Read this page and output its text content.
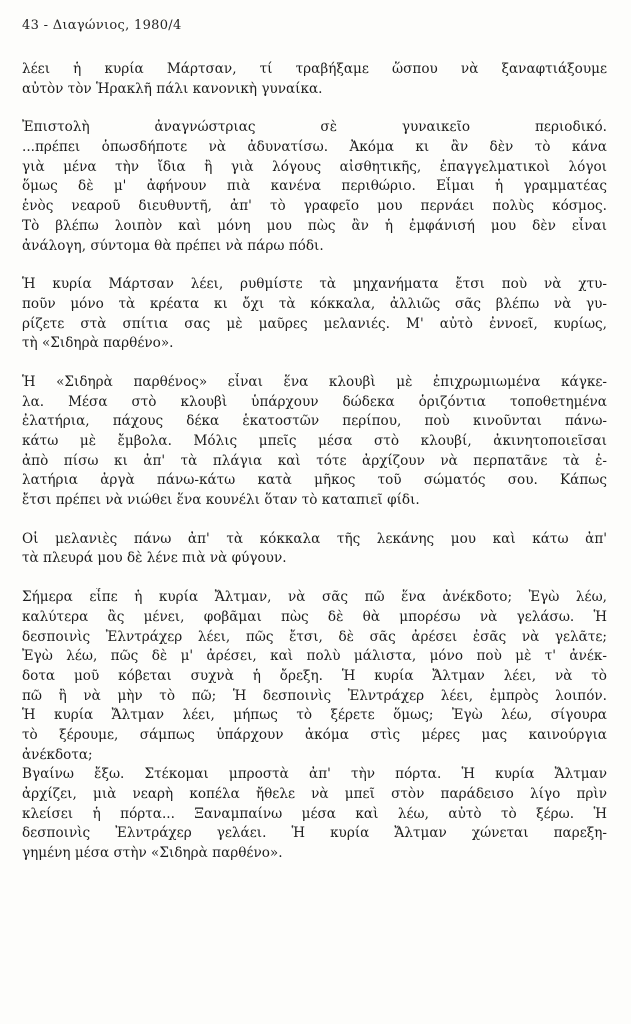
43 - Διαγώνιος, 1980/4
λέει ἡ κυρία Μάρτσαν, τί τραβήξαμε ὥσπου νὰ ξαναφτιάξουμε
αὐτὸν τὸν Ἡρακλῆ πάλι κανονικὴ γυναίκα.
Ἐπιστολὴ ἀναγνώστριας σὲ γυναικεῖο περιοδικό.
...πρέπει ὁπωσδήποτε νὰ ἀδυνατίσω. Ἀκόμα κι ἂν δὲν τὸ κάνα
γιὰ μένα τὴν ἴδια ἢ γιὰ λόγους αἰσθητικῆς, ἐπαγγελματικοὶ λόγοι
ὅμως δὲ μ' ἀφήνουν πιὰ κανένα περιθώριο. Εἶμαι ἡ γραμματέας
ἑνὸς νεαροῦ διευθυντῆ, ἀπ' τὸ γραφεῖο μου περνάει πολὺς κόσμος.
Τὸ βλέπω λοιπὸν καὶ μόνη μου πὼς ἂν ἡ ἐμφάνισή μου δὲν εἶναι
ἀνάλογη, σύντομα θὰ πρέπει νὰ πάρω πόδι.
Ἡ κυρία Μάρτσαν λέει, ρυθμίστε τὰ μηχανήματα ἔτσι ποὺ νὰ χτυ-
ποῦν μόνο τὰ κρέατα κι ὄχι τὰ κόκκαλα, ἀλλιῶς σᾶς βλέπω νὰ γυ-
ρίζετε στὰ σπίτια σας μὲ μαῦρες μελανιές. Μ' αὐτὸ ἐννοεῖ, κυρίως,
τὴ «Σιδηρὰ παρθένο».
Ἡ «Σιδηρὰ παρθένος» εἶναι ἕνα κλουβὶ μὲ ἐπιχρωμιωμένα κάγκε-
λα. Μέσα στὸ κλουβὶ ὑπάρχουν δώδεκα ὁριζόντια τοποθετημένα
ἐλατήρια, πάχους δέκα ἑκατοστῶν περίπου, ποὺ κινοῦνται πάνω-
κάτω μὲ ἔμβολα. Μόλις μπεῖς μέσα στὸ κλουβί, ἀκινητοποιεῖσαι
ἀπὸ πίσω κι ἀπ' τὰ πλάγια καὶ τότε ἀρχίζουν νὰ περπατᾶνε τὰ ἐ-
λατήρια ἀργὰ πάνω-κάτω κατὰ μῆκος τοῦ σώματός σου. Κάπως
ἔτσι πρέπει νὰ νιώθει ἕνα κουνέλι ὅταν τὸ καταπιεῖ φίδι.
Οἱ μελανιὲς πάνω ἀπ' τὰ κόκκαλα τῆς λεκάνης μου καὶ κάτω ἀπ'
τὰ πλευρά μου δὲ λένε πιὰ νὰ φύγουν.
Σήμερα εἶπε ἡ κυρία Ἄλτμαν, νὰ σᾶς πῶ ἕνα ἀνέκδοτο; Ἐγὼ λέω,
καλύτερα ἂς μένει, φοβᾶμαι πὼς δὲ θὰ μπορέσω νὰ γελάσω. Ἡ
δεσποινὶς Ἐλντράχερ λέει, πῶς ἔτσι, δὲ σᾶς ἀρέσει ἐσᾶς νὰ γελᾶτε;
Ἐγὼ λέω, πῶς δὲ μ' ἀρέσει, καὶ πολὺ μάλιστα, μόνο ποὺ μὲ τ' ἀνέκ-
δοτα μοῦ κόβεται συχνὰ ἡ ὄρεξη. Ἡ κυρία Ἄλτμαν λέει, νὰ τὸ
πῶ ἢ νὰ μὴν τὸ πῶ; Ἡ δεσποινὶς Ἐλντράχερ λέει, ἐμπρὸς λοιπόν.
Ἡ κυρία Ἄλτμαν λέει, μήπως τὸ ξέρετε ὅμως; Ἐγὼ λέω, σίγουρα
τὸ ξέρουμε, σάμπως ὑπάρχουν ἀκόμα στὶς μέρες μας καινούργια
ἀνέκδοτα;
Βγαίνω ἔξω. Στέκομαι μπροστὰ ἀπ' τὴν πόρτα. Ἡ κυρία Ἄλτμαν
ἀρχίζει, μιὰ νεαρὴ κοπέλα ἤθελε νὰ μπεῖ στὸν παράδεισο λίγο πρὶν
κλείσει ἡ πόρτα... Ξαναμπαίνω μέσα καὶ λέω, αὐτὸ τὸ ξέρω. Ἡ
δεσποινὶς Ἐλντράχερ γελάει. Ἡ κυρία Ἄλτμαν χώνεται παρεξη-
γημένη μέσα στὴν «Σιδηρὰ παρθένο».
